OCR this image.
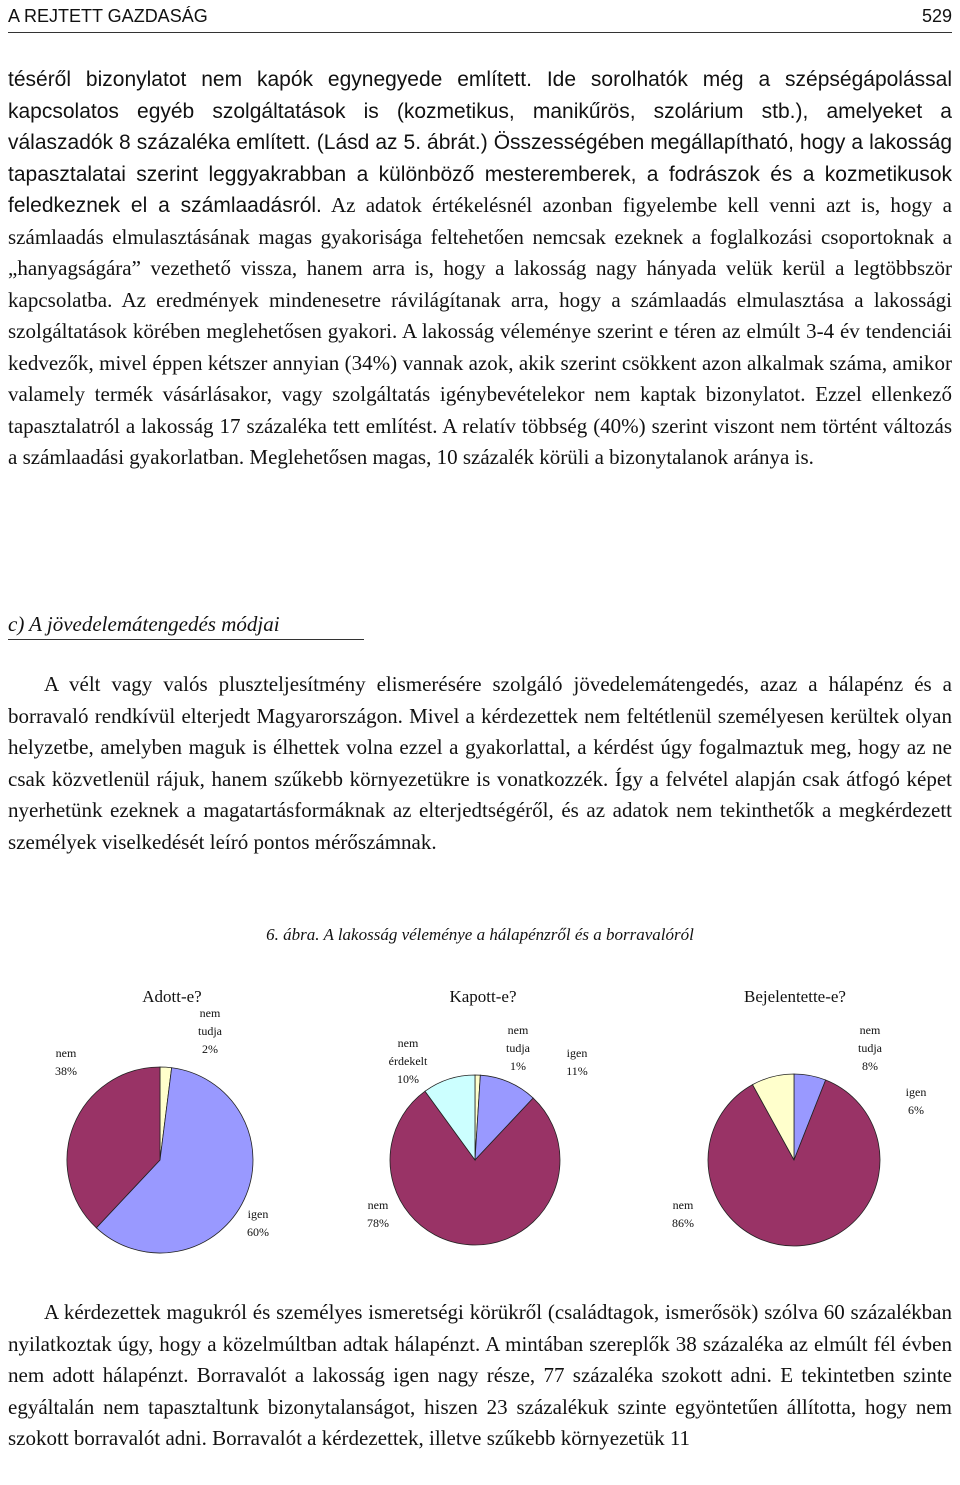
A REJTETT GAZDASÁG	529

téséről bizonylatot nem kapók egynegyede említett. Ide sorolhatók még a szépségápolással kapcsolatos egyéb szolgáltatások is (kozmetikus, manikűrös, szolárium stb.), amelyeket a válaszadók 8 százaléka említett. (Lásd az 5. ábrát.) Összességében megállapítható, hogy a lakosság tapasztalatai szerint leggyakrabban a különböző mesteremberek, a fodrászok és a kozmetikusok feledkeznek el a számlaadásról. Az adatok értékelésnél azonban figyelembe kell venni azt is, hogy a számlaadás elmulasztásának magas gyakorisága feltehetően nemcsak ezeknek a foglalkozási csoportoknak a „hanyagságára” vezethető vissza, hanem arra is, hogy a lakosság nagy hányada velük kerül a legtöbbször kapcsolatba. Az eredmények mindenesetre rávilágítanak arra, hogy a számlaadás elmulasztása a lakossági szolgáltatások körében meglehetősen gyakori. A lakosság véleménye szerint e téren az elmúlt 3-4 év tendenciái kedvezők, mivel éppen kétszer annyian (34%) vannak azok, akik szerint csökkent azon alkalmak száma, amikor valamely termék vásárlásakor, vagy szolgáltatás igénybevételekor nem kaptak bizonylatot. Ezzel ellenkező tapasztalatról a lakosság 17 százaléka tett említést. A relatív többség (40%) szerint viszont nem történt változás a számlaadási gyakorlatban. Meglehetősen magas, 10 százalék körüli a bizonytalanok aránya is.

c) A jövedelemátengedés módjai

A vélt vagy valós pluszteljesítmény elismerésére szolgáló jövedelemátengedés, azaz a hálapénz és a borravaló rendkívül elterjedt Magyarországon. Mivel a kérdezettek nem feltétlenül személyesen kerültek olyan helyzetbe, amelyben maguk is élhettek volna ezzel a gyakorlattal, a kérdést úgy fogalmaztuk meg, hogy az ne csak közvetlenül rájuk, hanem szűkebb környezetükre is vonatkozzék. Így a felvétel alapján csak átfogó képet nyerhetünk ezeknek a magatartásformáknak az elterjedtségéről, és az adatok nem tekinthetők a megkérdezett személyek viselkedését leíró pontos mérőszámnak.

6. ábra. A lakosság véleménye a hálapénzről és a borravalóról
Adott-e?	Kapott-e?	Bejelentette-e?
nem tudja 2%
igen 60%
nem 38%
nem tudja 1%
igen 11%
nem 78%
nem érdekelt 10%
igen 6%
nem 86%
nem tudja 8%

A kérdezettek magukról és személyes ismeretségi körükről (családtagok, ismerősök) szólva 60 százalékban nyilatkoztak úgy, hogy a közelmúltban adtak hálapénzt. A mintában szereplők 38 százaléka az elmúlt fél évben nem adott hálapénzt. Borravalót a lakosság igen nagy része, 77 százaléka szokott adni. E tekintetben szinte egyáltalán nem tapasztaltunk bizonytalanságot, hiszen 23 százalékuk szinte egyöntetűen állította, hogy nem szokott borravalót adni. Borravalót a kérdezettek, illetve szűkebb környezetük 11
